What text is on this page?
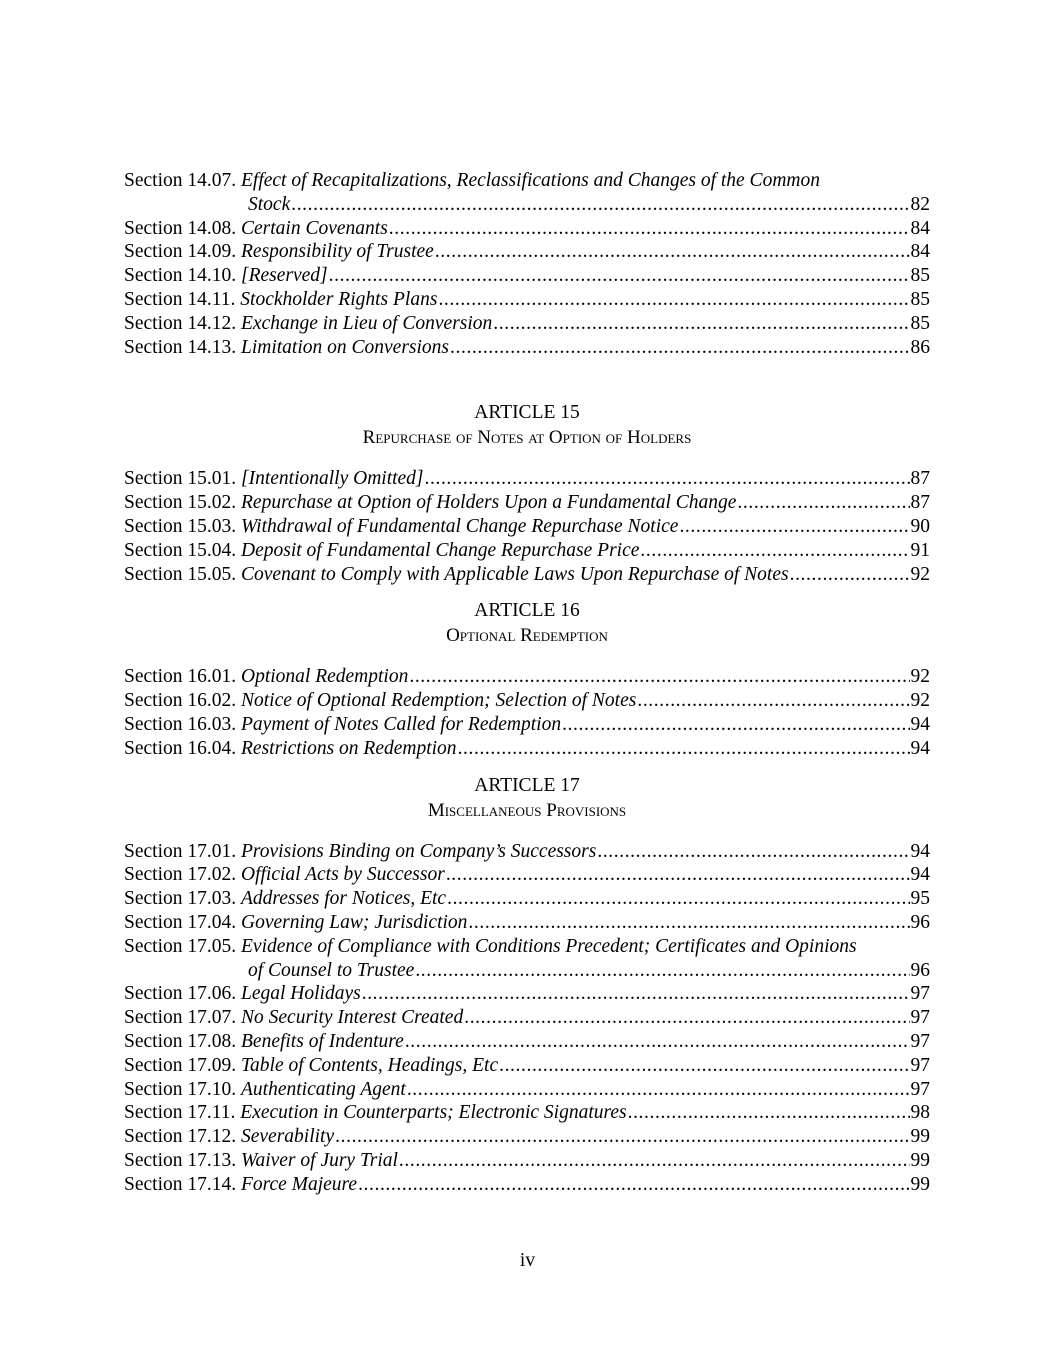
Section 14.07.
Effect of Recapitalizations, Reclassifications and Changes of the Common
Stock .....	82
Section 14.08.
Certain Covenants .....	84
Section 14.09.
Responsibility of Trustee .....	84
Section 14.10.
[Reserved] .....	85
Section 14.11.
Stockholder Rights Plans .....	85
Section 14.12.
Exchange in Lieu of Conversion .....	85
Section 14.13.
Limitation on Conversions .....	86
ARTICLE 15
Repurchase of Notes at Option of Holders
Section 15.01.
[Intentionally Omitted] .....	87
Section 15.02.
Repurchase at Option of Holders Upon a Fundamental Change .....	87
Section 15.03.
Withdrawal of Fundamental Change Repurchase Notice .....	90
Section 15.04.
Deposit of Fundamental Change Repurchase Price .....	91
Section 15.05.
Covenant to Comply with Applicable Laws Upon Repurchase of Notes .....	92
ARTICLE 16
Optional Redemption
Section 16.01.
Optional Redemption .....	92
Section 16.02.
Notice of Optional Redemption; Selection of Notes .....	92
Section 16.03.
Payment of Notes Called for Redemption .....	94
Section 16.04.
Restrictions on Redemption .....	94
ARTICLE 17
Miscellaneous Provisions
Section 17.01.
Provisions Binding on Company’s Successors .....	94
Section 17.02.
Official Acts by Successor .....	94
Section 17.03.
Addresses for Notices, Etc .....	95
Section 17.04.
Governing Law; Jurisdiction .....	96
Section 17.05.
Evidence of Compliance with Conditions Precedent; Certificates and Opinions
of Counsel to Trustee .....	96
Section 17.06.
Legal Holidays .....	97
Section 17.07.
No Security Interest Created .....	97
Section 17.08.
Benefits of Indenture .....	97
Section 17.09.
Table of Contents, Headings, Etc .....	97
Section 17.10.
Authenticating Agent .....	97
Section 17.11.
Execution in Counterparts; Electronic Signatures .....	98
Section 17.12.
Severability .....	99
Section 17.13.
Waiver of Jury Trial .....	99
Section 17.14.
Force Majeure .....	99
iv
